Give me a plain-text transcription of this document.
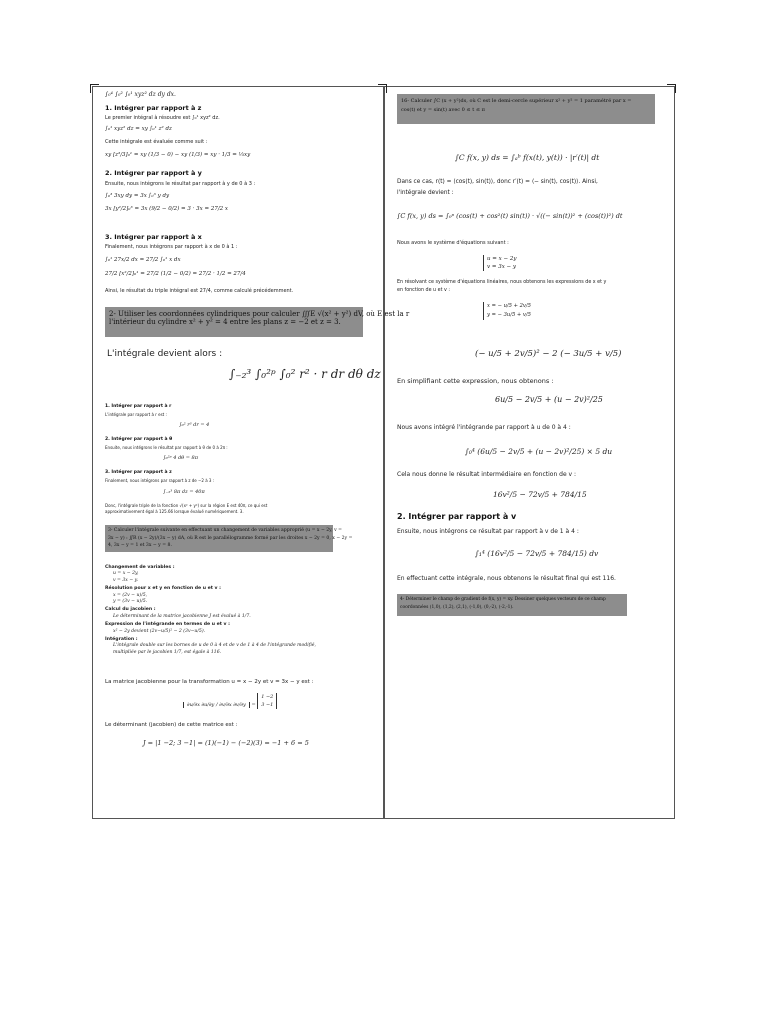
∫₀⁴ ∫₀² ∫₀¹ xyz² dz dy dx.
1. Intégrer par rapport à z
Le premier intégral à résoudre est ∫₀¹ xyz² dz.
∫₀¹ xyz² dz = xy ∫₀¹ z² dz
Cette intégrale est évaluée comme suit :
xy [z³/3]₀¹ = xy (1/3 − 0) − xy (1/3) = xy · 1/3 = ⅓xy
2. Intégrer par rapport à y
Ensuite, nous intégrons le résultat par rapport à y de 0 à 3 :
∫₀³ 3xy dy = 3x ∫₀³ y dy
3x [y²/2]₀³ = 3x (9/2 − 0/2) = 3 · 3x = 27/2 x
3. Intégrer par rapport à x
Finalement, nous intégrons par rapport à x de 0 à 1 :
∫₀¹ 27x/2 dx = 27/2 ∫₀¹ x dx
27/2 [x²/2]₀¹ = 27/2 (1/2 − 0/2) = 27/2 · 1/2 = 27/4
Ainsi, le résultat du triple intégral est 27/4, comme calculé précédemment.
2- Utiliser les coordonnées cylindriques pour calculer ∭E √(x² + y²) dV, où E est la r
l'intérieur du cylindre x² + y² = 4 entre les plans z = −2 et z = 3.
L'intégrale devient alors :
∫₋₂³ ∫₀²ᵖ ∫₀² r² · r dr dθ dz
1. Intégrer par rapport à r
L'intégrale par rapport à r est :
∫₀² r³ dr = 4
2. Intégrer par rapport à θ
Ensuite, nous intégrons le résultat par rapport à θ de 0 à 2π :
∫₀²ᵖ 4 dθ = 8π
3. Intégrer par rapport à z
Finalement, nous intégrons par rapport à z de −2 à 3 :
∫₋₂³ 8π dz = 40π
Donc, l'intégrale triple de la fonction √(x² + y²) sur la région E est 40π, ce qui est
approximativement égal à 125.66 lorsque évalué numériquement. 3.
3- Calculer l'intégrale suivante en effectuant un changement de variables approprié (u = x − 2y, v =
3x − y) : ∬R (x − 2y)/(3x − y) dA, où R est le parallélogramme formé par les droites x − 2y = 0, x − 2y =
4, 3x − y = 1 et 3x − y = 8.
Changement de variables :
u = x − 2y,
v = 3x − y.
Résolution pour x et y en fonction de u et v :
x = (2v − u)/5,
y = (3v − u)/5.
Calcul du jacobien :
Le déterminant de la matrice jacobienne J est évalué à 1/7.
Expression de l'intégrande en termes de u et v :
x² − 2y devient (2v−u/5)² − 2 (3v−u/5).
Intégration :
L'intégrale double sur les bornes de u de 0 à 4 et de v de 1 à 4 de l'intégrande modifié,
multipliée par le jacobien 1/7, est égale à 116.
La matrice jacobienne pour la transformation u = x − 2y et v = 3x − y est :
∂u/∂x ∂u/∂y / ∂v/∂x ∂v/∂y =
1 −2
3 −1
Le déterminant (jacobien) de cette matrice est :
J = |1 −2; 3 −1| = (1)(−1) − (−2)(3) = −1 + 6 = 5
16- Calculer ∫C (x + y²)ds, où C est le demi-cercle supérieur x² + y² = 1 paramétré par x =
cos(t) et y = sin(t) avec 0 ≤ t ≤ π
∫C f(x, y) ds = ∫ₐᵇ f(x(t), y(t)) · |r′(t)| dt
Dans ce cas, r(t) = ⟨cos(t), sin(t)⟩, donc r′(t) = ⟨− sin(t), cos(t)⟩. Ainsi,
l'intégrale devient :
∫C f(x, y) ds = ∫₀ᵖ (cos(t) + cos²(t) sin(t)) · √((− sin(t))² + (cos(t))²) dt
Nous avons le système d'équations suivant :
u = x − 2y
v = 3x − y
En résolvant ce système d'équations linéaires, nous obtenons les expressions de x et y
en fonction de u et v :
x = − u/5 + 2v/5
y = − 3u/5 + v/5
(− u/5 + 2v/5)² − 2 (− 3u/5 + v/5)
En simplifiant cette expression, nous obtenons :
6u/5 − 2v/5 + (u − 2v)²/25
Nous avons intégré l'intégrande par rapport à u de 0 à 4 :
∫₀⁴ (6u/5 − 2v/5 + (u − 2v)²/25) × 5 du
Cela nous donne le résultat intermédiaire en fonction de v :
16v²/5 − 72v/5 + 784/15
2. Intégrer par rapport à v
Ensuite, nous intégrons ce résultat par rapport à v de 1 à 4 :
∫₁⁴ (16v²/5 − 72v/5 + 784/15) dv
En effectuant cette intégrale, nous obtenons le résultat final qui est 116.
4- Déterminer le champ de gradient de f(x, y) = xy. Dessiner quelques vecteurs de ce champ
coordonnées (1,0), (1,2), (2,1), (-1,0), (0,-2), (-2,-1).
